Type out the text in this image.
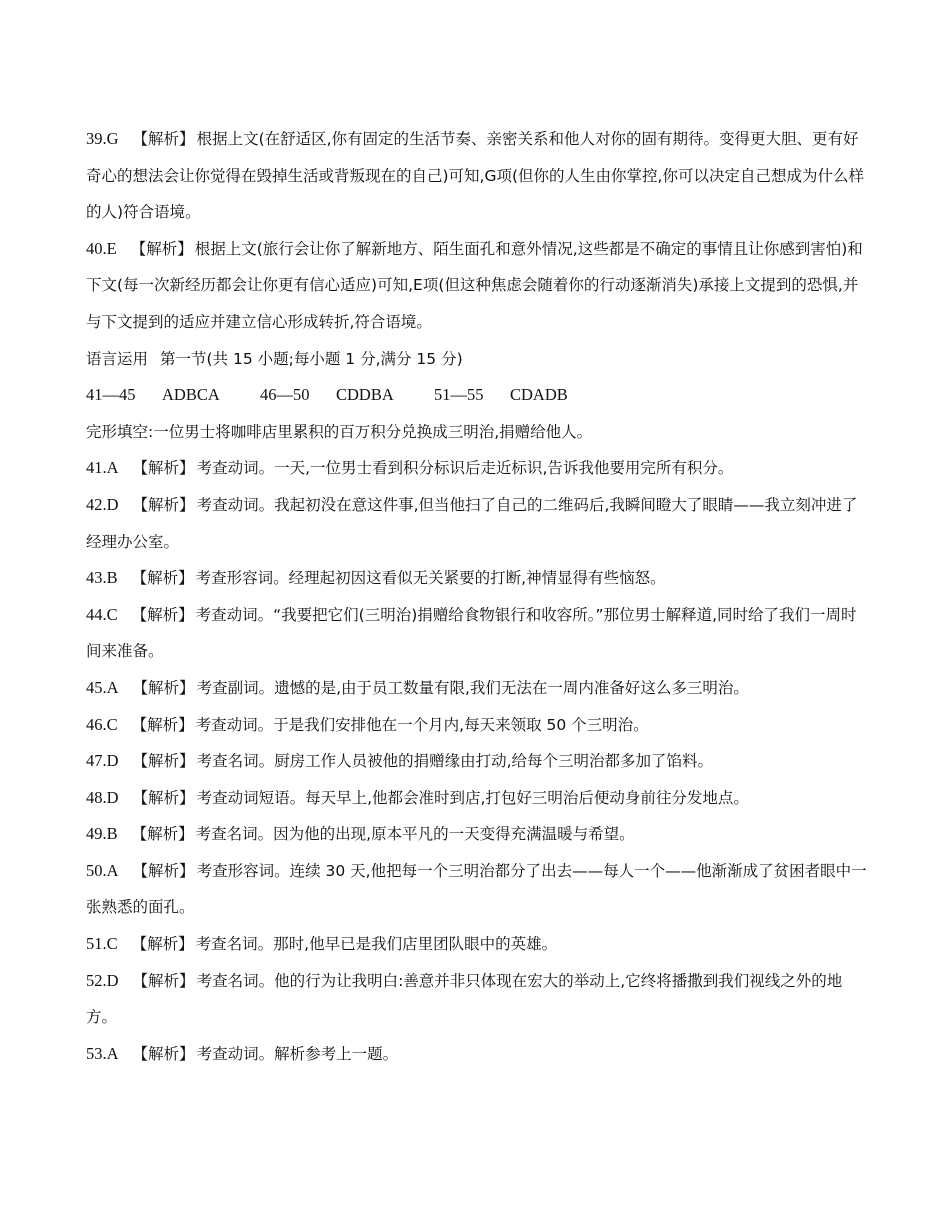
39.G 【解析】 根据上文(在舒适区,你有固定的生活节奏、亲密关系和他人对你的固有期待。变得更大胆、更有好奇心的想法会让你觉得在毁掉生活或背叛现在的自己)可知,G项(但你的人生由你掌控,你可以决定自己想成为什么样的人)符合语境。

40.E 【解析】 根据上文(旅行会让你了解新地方、陌生面孔和意外情况,这些都是不确定的事情且让你感到害怕)和下文(每一次新经历都会让你更有信心适应)可知,E项(但这种焦虑会随着你的行动逐渐消失)承接上文提到的恐惧,并与下文提到的适应并建立信心形成转折,符合语境。

语言运用 第一节(共 15 小题;每小题 1 分,满分 15 分)

41—45 ADBCA 46—50 CDDBA 51—55 CDADB

完形填空:一位男士将咖啡店里累积的百万积分兑换成三明治,捐赠给他人。

41.A 【解析】 考查动词。一天,一位男士看到积分标识后走近标识,告诉我他要用完所有积分。

42.D 【解析】 考查动词。我起初没在意这件事,但当他扫了自己的二维码后,我瞬间瞪大了眼睛——我立刻冲进了经理办公室。

43.B 【解析】 考查形容词。经理起初因这看似无关紧要的打断,神情显得有些恼怒。

44.C 【解析】 考查动词。“我要把它们(三明治)捐赠给食物银行和收容所。”那位男士解释道,同时给了我们一周时间来准备。

45.A 【解析】 考查副词。遗憾的是,由于员工数量有限,我们无法在一周内准备好这么多三明治。

46.C 【解析】 考查动词。于是我们安排他在一个月内,每天来领取 50 个三明治。

47.D 【解析】 考查名词。厨房工作人员被他的捐赠缘由打动,给每个三明治都多加了馅料。

48.D 【解析】 考查动词短语。每天早上,他都会准时到店,打包好三明治后便动身前往分发地点。

49.B 【解析】 考查名词。因为他的出现,原本平凡的一天变得充满温暖与希望。

50.A 【解析】 考查形容词。连续 30 天,他把每一个三明治都分了出去——每人一个——他渐渐成了贫困者眼中一张熟悉的面孔。

51.C 【解析】 考查名词。那时,他早已是我们店里团队眼中的英雄。

52.D 【解析】 考查名词。他的行为让我明白:善意并非只体现在宏大的举动上,它终将播撒到我们视线之外的地方。

53.A 【解析】 考查动词。解析参考上一题。
